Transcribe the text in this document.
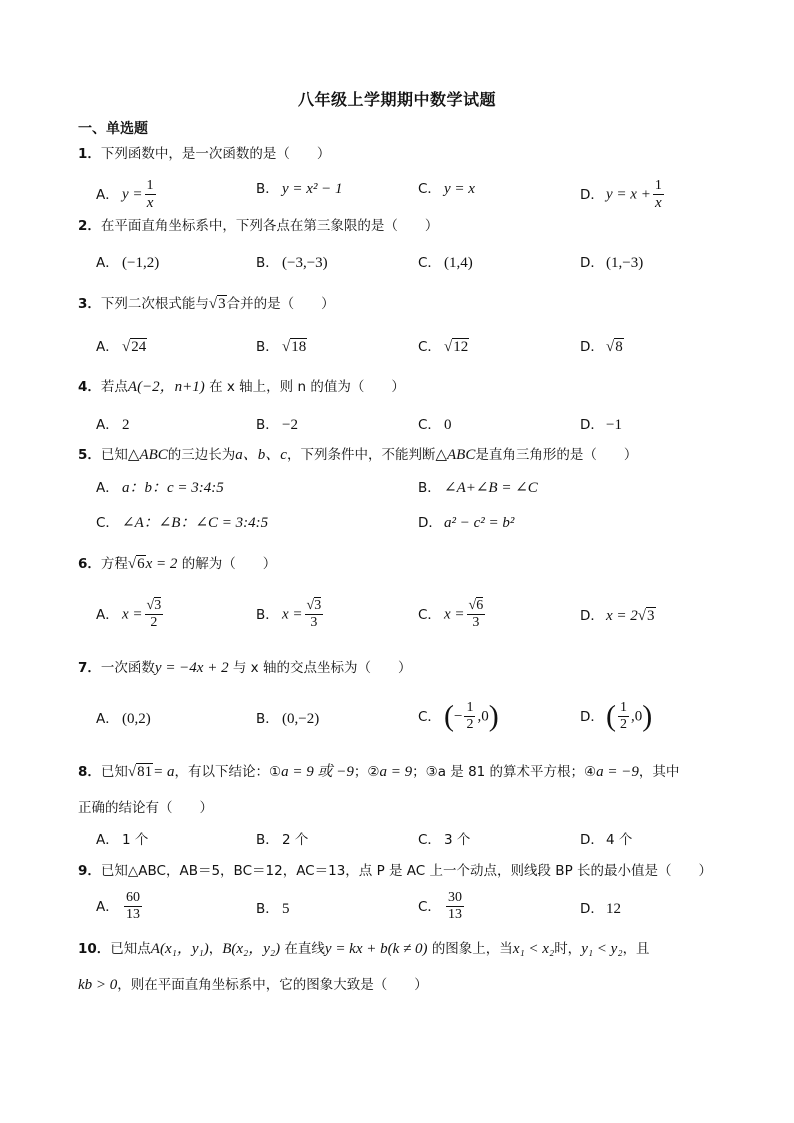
八年级上学期期中数学试题
一、单选题
1．下列函数中，是一次函数的是（　　）
A． $y = \frac{1}{x}$	B． y = x² − 1	C． y = x	D． $y = x + \frac{1}{x}$
2．在平面直角坐标系中，下列各点在第三象限的是（　　）
A． (−1,2)	B． (−3,−3)	C． (1,4)	D． (1,−3)
3．下列二次根式能与√3合并的是（　　）
A． √24	B． √18	C． √12	D． √8
4．若点A(−2，n+1) 在 x 轴上，则 n 的值为（　　）
A． 2	B． −2	C． 0	D． −1
5．已知△ABC的三边长为a、b、c，下列条件中，不能判断△ABC是直角三角形的是（　　）
A． a：b：c = 3:4:5	B． ∠A+∠B = ∠C
C． ∠A：∠B：∠C = 3:4:5	D． a² − c² = b²
6．方程√6x = 2 的解为（　　）
A． $x = \frac{√3}{2}$	B． $x = \frac{√3}{3}$	C． $x = \frac{√6}{3}$	D． x = 2√3
7．一次函数y = −4x + 2 与 x 轴的交点坐标为（　　）
A． (0,2)	B． (0,−2)	C． (− $\frac{1}{2} ,0$)	D．( $\frac{1}{2} ,0$)
8．已知√81= a，有以下结论：①a = 9 或 −9；②a = 9；③a 是 81 的算术平方根；④a = −9，其中
正确的结论有（　　）
A． 1 个	B． 2 个	C． 3 个	D． 4 个
9．已知△ABC，AB＝5，BC＝12，AC＝13，点 P 是 AC 上一个动点，则线段 BP 长的最小值是（　　）
A． $\frac{60}{13}$	B． 5	C． $\frac{30}{13}$	D． 12
10．已知点A(x₁，y₁)，B(x₂，y₂) 在直线y = kx + b(k ≠ 0) 的图象上，当x₁ < x₂时，y₁ < y₂，且
kb > 0，则在平面直角坐标系中，它的图象大致是（　　）
